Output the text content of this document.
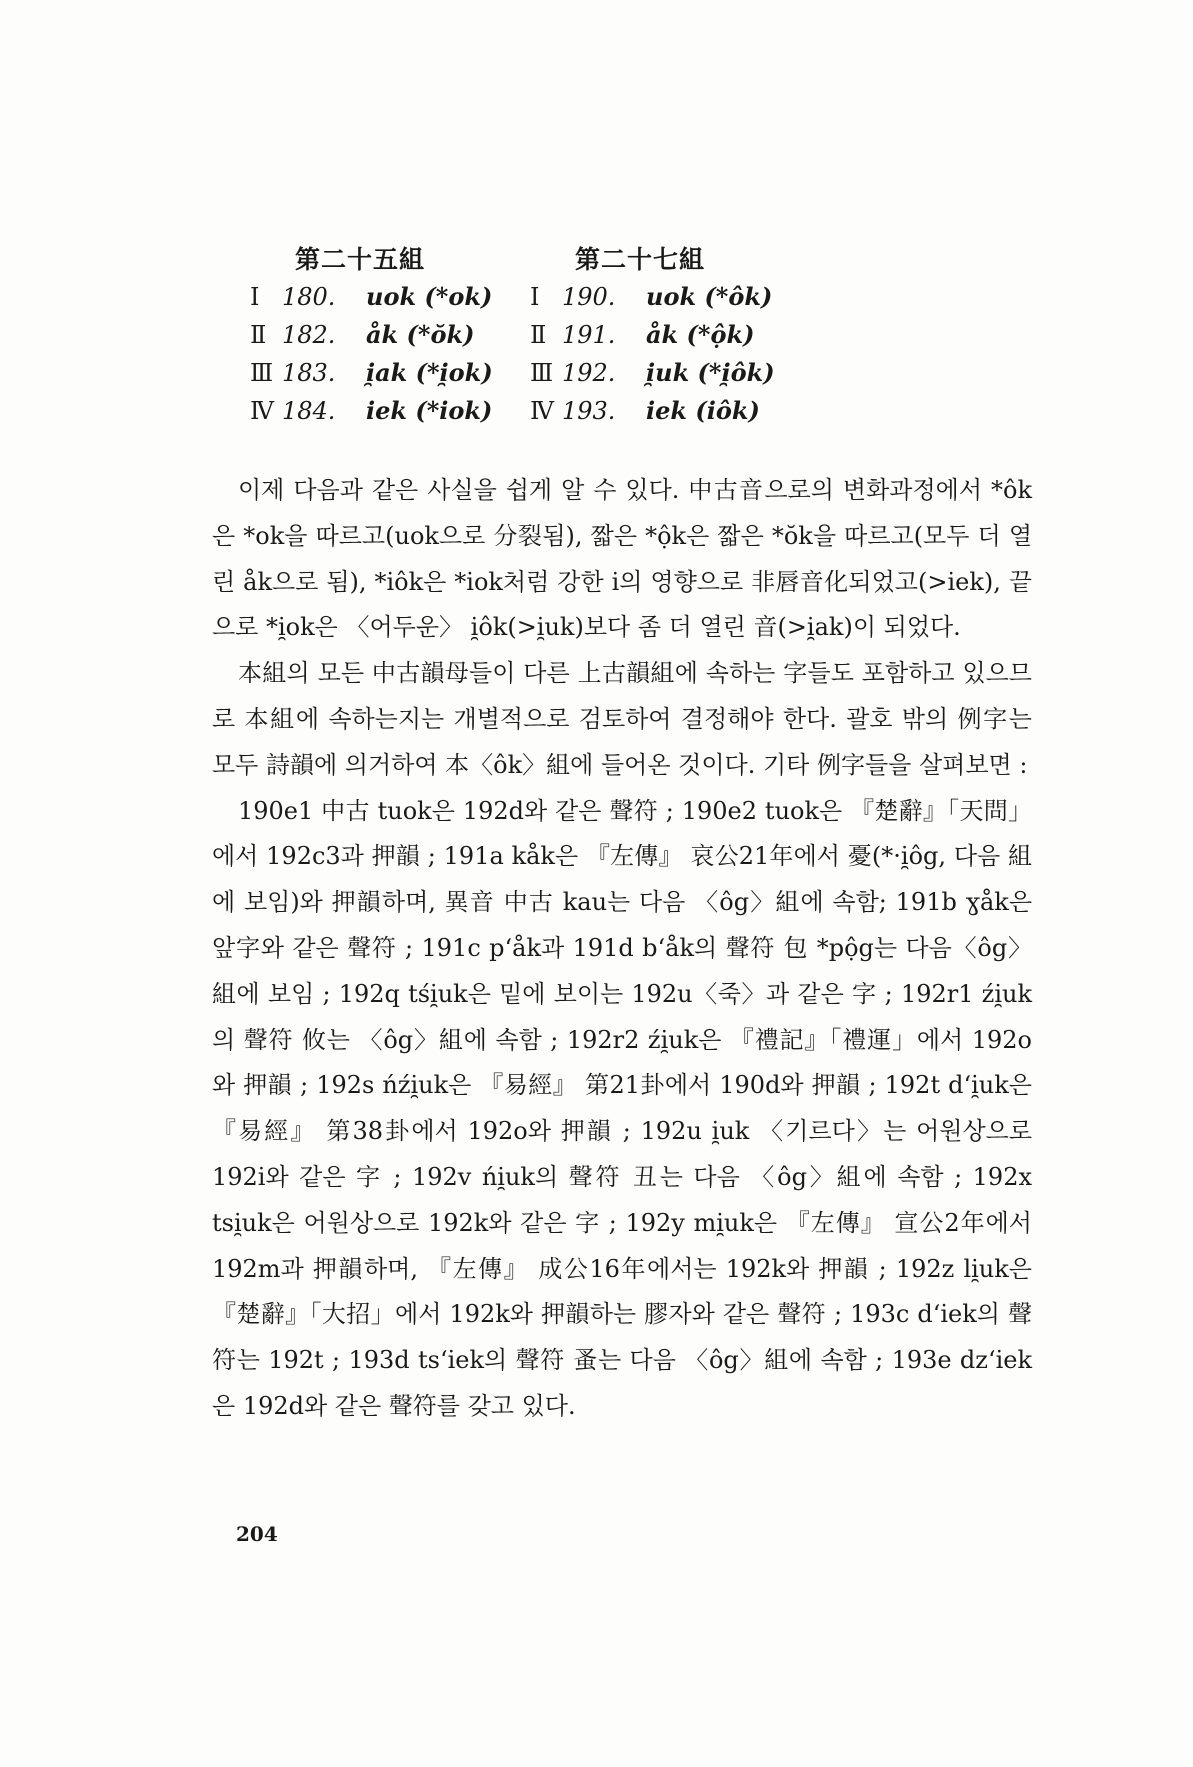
第二十五組
Ⅰ 180.	uok (*ok)
Ⅱ 182.	åk (*ŏk)
Ⅲ 183.	i̯ak (*i̯ok)
Ⅳ 184.	iek (*iok)
第二十七組
Ⅰ 190.	uok (*ôk)
Ⅱ 191.	åk (*ộk)
Ⅲ 192.	i̯uk (*i̯ôk)
Ⅳ 193.	iek (iôk)

이제 다음과 같은 사실을 쉽게 알 수 있다. 中古音으로의 변화과정에서 *ôk은 *ok을 따르고(uok으로 分裂됨), 짧은 *ộk은 짧은 *ŏk을 따르고(모두 더 열린 åk으로 됨), *iôk은 *iok처럼 강한 i의 영향으로 非唇音化되었고(>iek), 끝으로 *i̯ok은 〈어두운〉 i̯ôk(>i̯uk)보다 좀 더 열린 音(>i̯ak)이 되었다.

本組의 모든 中古韻母들이 다른 上古韻組에 속하는 字들도 포함하고 있으므로 本組에 속하는지는 개별적으로 검토하여 결정해야 한다. 괄호 밖의 例字는 모두 詩韻에 의거하여 本〈ôk〉組에 들어온 것이다. 기타 例字들을 살펴보면 :

190e1 中古 tuok은 192d와 같은 聲符 ; 190e2 tuok은 『楚辭』「天問」에서 192c3과 押韻 ; 191a kåk은 『左傳』 哀公21年에서 憂(*·i̯ôg, 다음 組에 보임)와 押韻하며, 異音 中古 kau는 다음 〈ôg〉組에 속함; 191b ɣåk은 앞字와 같은 聲符 ; 191c p‘åk과 191d b‘åk의 聲符 包 *pộg는 다음〈ôg〉組에 보임 ; 192q tśi̯uk은 밑에 보이는 192u〈죽〉과 같은 字 ; 192r1 źi̯uk의 聲符 攸는 〈ôg〉組에 속함 ; 192r2 źi̯uk은 『禮記』「禮運」에서 192o와 押韻 ; 192s ńźi̯uk은 『易經』 第21卦에서 190d와 押韻 ; 192t d‘i̯uk은 『易經』 第38卦에서 192o와 押韻 ; 192u i̯uk 〈기르다〉는 어원상으로 192i와 같은 字 ; 192v ńi̯uk의 聲符 丑는 다음 〈ôg〉組에 속함 ; 192x tsi̯uk은 어원상으로 192k와 같은 字 ; 192y mi̯uk은 『左傳』 宣公2年에서 192m과 押韻하며, 『左傳』 成公16年에서는 192k와 押韻 ; 192z li̯uk은 『楚辭』「大招」에서 192k와 押韻하는 膠자와 같은 聲符 ; 193c d‘iek의 聲符는 192t ; 193d ts‘iek의 聲符 蚤는 다음 〈ôg〉組에 속함 ; 193e dz‘iek은 192d와 같은 聲符를 갖고 있다.

204
